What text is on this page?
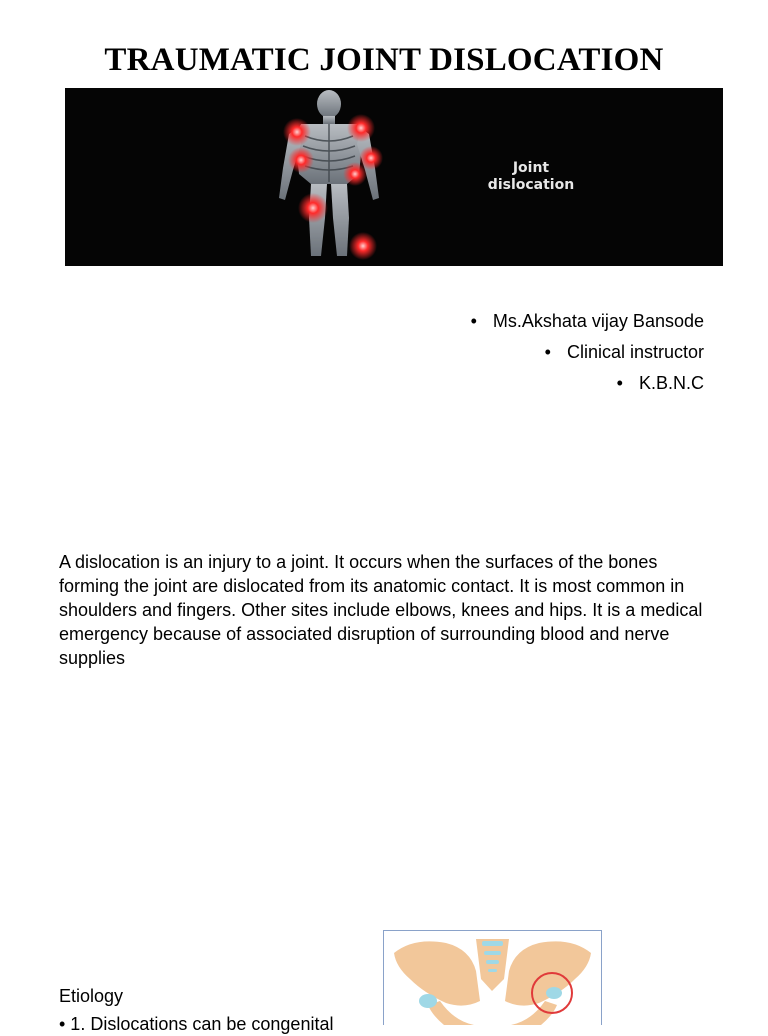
TRAUMATIC JOINT DISLOCATION
Joint
dislocation
• Ms.Akshata vijay Bansode
• Clinical instructor
• K.B.N.C
A dislocation is an injury to a joint. It occurs when the surfaces of the bones forming the joint are dislocated from its anatomic contact. It is most common in shoulders and fingers. Other sites include elbows, knees and hips. It is a medical emergency because of associated disruption of surrounding blood and nerve supplies
Etiology
• 1. Dislocations can be congenital
